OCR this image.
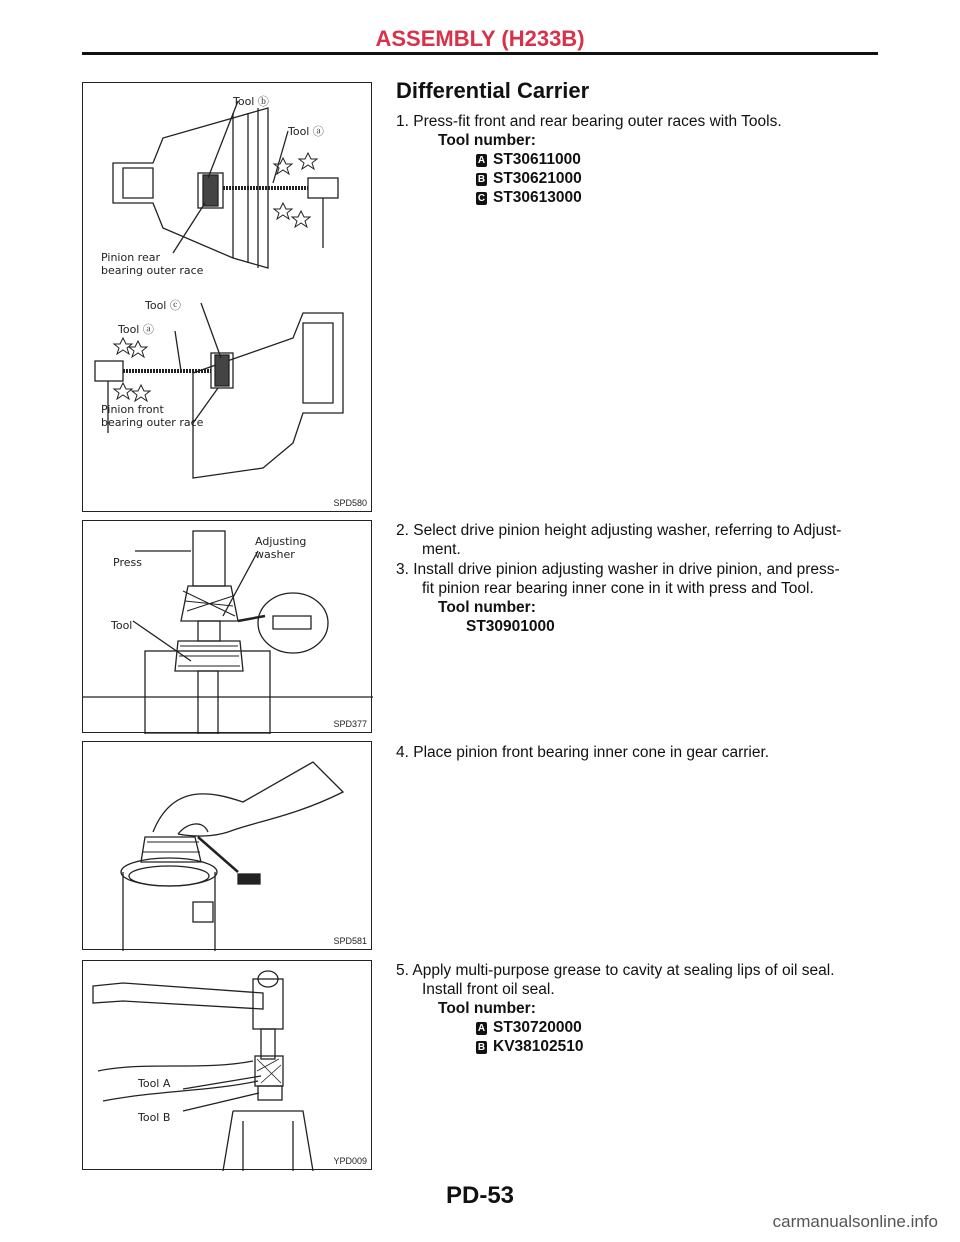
ASSEMBLY (H233B)
Tool ⓑ
Tool ⓐ
Pinion rear
bearing outer race
Tool ⓒ
Tool ⓐ
Pinion front
bearing outer race
SPD580
Press
Adjusting
washer
Tool
SPD377
SPD581
Tool A
Tool B
YPD009
Differential Carrier
1. Press-fit front and rear bearing outer races with Tools.
Tool number:
A ST30611000
B ST30621000
C ST30613000
2. Select drive pinion height adjusting washer, referring to Adjust-
ment.
3. Install drive pinion adjusting washer in drive pinion, and press-
fit pinion rear bearing inner cone in it with press and Tool.
Tool number:
ST30901000
4. Place pinion front bearing inner cone in gear carrier.
5. Apply multi-purpose grease to cavity at sealing lips of oil seal.
Install front oil seal.
Tool number:
A ST30720000
B KV38102510
PD-53
carmanualsonline.info
